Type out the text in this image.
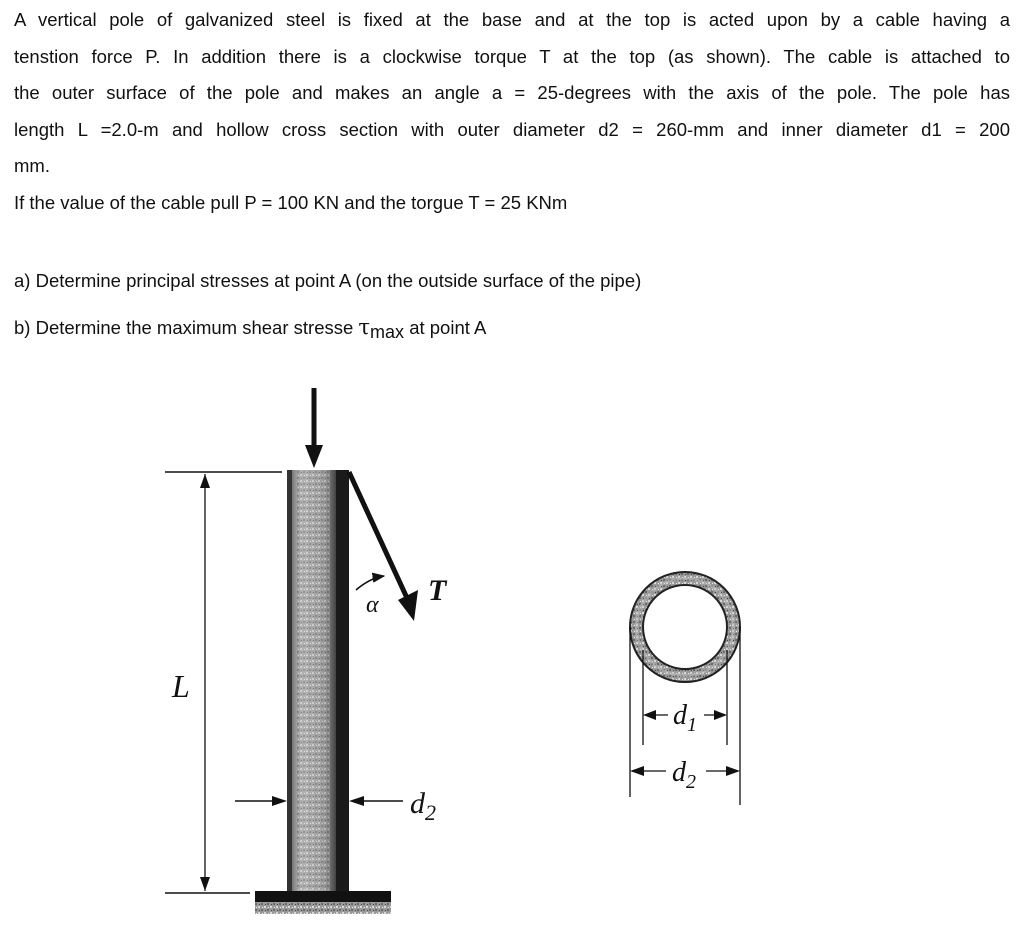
A vertical pole of galvanized steel is fixed at the base and at the top is acted upon by a cable having a
tenstion force P. In addition there is a clockwise torque T at the top (as shown). The cable is attached to
the outer surface of the pole and makes an angle a = 25-degrees with the axis of the pole. The pole has
length L =2.0-m and hollow cross section with outer diameter d2 = 260-mm and inner diameter d1 = 200
mm.
If the value of the cable pull P = 100 KN and the torgue T = 25 KNm

a) Determine principal stresses at point A (on the outside surface of the pipe)

b) Determine the maximum shear stresse τmax at point A

α T
L
$d_2$
$d_1$
$d_2$
